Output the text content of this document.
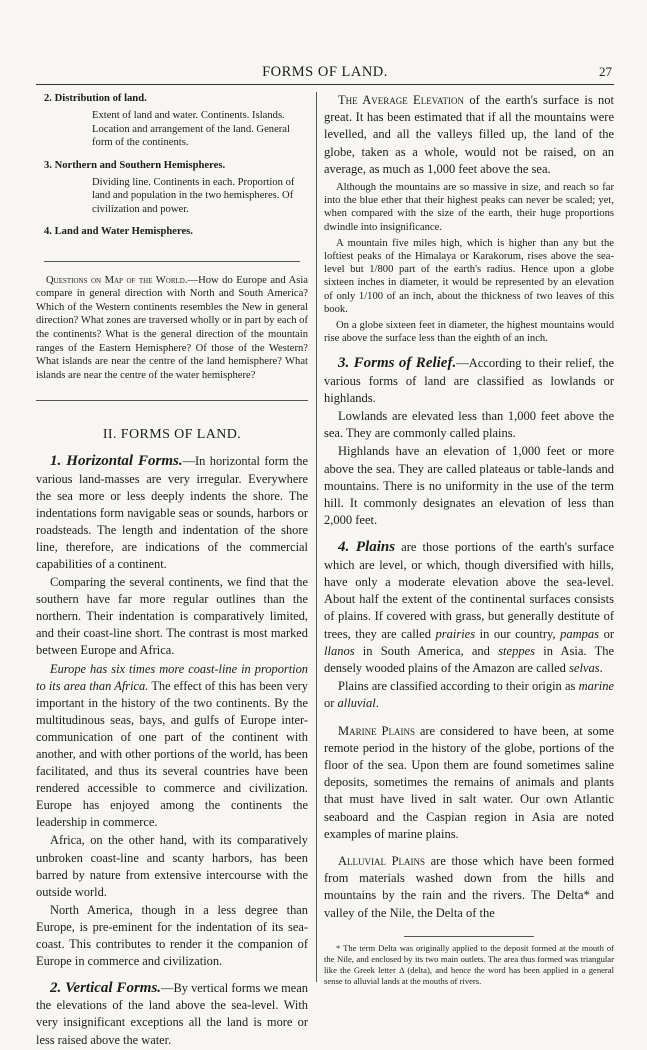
FORMS OF LAND.	27
2. Distribution of land.
Extent of land and water. Continents. Islands. Location and arrangement of the land. General form of the continents.
3. Northern and Southern Hemispheres.
Dividing line. Continents in each. Proportion of land and population in the two hemispheres. Of civilization and power.
4. Land and Water Hemispheres.

Questions on Map of the World.—How do Europe and Asia compare in general direction with North and South America? Which of the Western continents resembles the New in general direction? What zones are traversed wholly or in part by each of the continents? What is the general direction of the mountain ranges of the Eastern Hemisphere? Of those of the Western? What islands are near the centre of the land hemisphere? What islands are near the centre of the water hemisphere?

II. FORMS OF LAND.

1. Horizontal Forms.—In horizontal form the various land-masses are very irregular. Everywhere the sea more or less deeply indents the shore. The indentations form navigable seas or sounds, harbors or roadsteads. The length and indentation of the shore line, therefore, are indications of the commercial capabilities of a continent.

Comparing the several continents, we find that the southern have far more regular outlines than the northern. Their indentation is comparatively limited, and their coast-line short. The contrast is most marked between Europe and Africa.

Europe has six times more coast-line in proportion to its area than Africa. The effect of this has been very important in the history of the two continents. By the multitudinous seas, bays, and gulfs of Europe inter-communication of one part of the continent with another, and with other portions of the world, has been facilitated, and thus its several countries have been rendered accessible to commerce and civilization. Europe has enjoyed among the continents the leadership in commerce.

Africa, on the other hand, with its comparatively unbroken coast-line and scanty harbors, has been barred by nature from extensive intercourse with the outside world.

North America, though in a less degree than Europe, is pre-eminent for the indentation of its sea-coast. This contributes to render it the companion of Europe in commerce and civilization.

2. Vertical Forms.—By vertical forms we mean the elevations of the land above the sea-level. With very insignificant exceptions all the land is more or less raised above the water.

The Average Elevation of the earth's surface is not great. It has been estimated that if all the mountains were levelled, and all the valleys filled up, the land of the globe, taken as a whole, would not be raised, on an average, as much as 1,000 feet above the sea.

Although the mountains are so massive in size, and reach so far into the blue ether that their highest peaks can never be scaled; yet, when compared with the size of the earth, their huge proportions dwindle into insignificance.

A mountain five miles high, which is higher than any but the loftiest peaks of the Himalaya or Karakorum, rises above the sea-level but 1/800 part of the earth's radius. Hence upon a globe sixteen inches in diameter, it would be represented by an elevation of only 1/100 of an inch, about the thickness of two leaves of this book.

On a globe sixteen feet in diameter, the highest mountains would rise above the surface less than the eighth of an inch.

3. Forms of Relief.—According to their relief, the various forms of land are classified as lowlands or highlands.

Lowlands are elevated less than 1,000 feet above the sea. They are commonly called plains.

Highlands have an elevation of 1,000 feet or more above the sea. They are called plateaus or table-lands and mountains. There is no uniformity in the use of the term hill. It commonly designates an elevation of less than 2,000 feet.

4. Plains are those portions of the earth's surface which are level, or which, though diversified with hills, have only a moderate elevation above the sea-level. About half the extent of the continental surfaces consists of plains. If covered with grass, but generally destitute of trees, they are called prairies in our country, pampas or llanos in South America, and steppes in Asia. The densely wooded plains of the Amazon are called selvas.

Plains are classified according to their origin as marine or alluvial.

Marine Plains are considered to have been, at some remote period in the history of the globe, portions of the floor of the sea. Upon them are found sometimes saline deposits, sometimes the remains of animals and plants that must have lived in salt water. Our own Atlantic seaboard and the Caspian region in Asia are noted examples of marine plains.

Alluvial Plains are those which have been formed from materials washed down from the hills and mountains by the rain and the rivers. The Delta* and valley of the Nile, the Delta of the

* The term Delta was originally applied to the deposit formed at the mouth of the Nile, and enclosed by its two main outlets. The area thus formed was triangular like the Greek letter Δ (delta), and hence the word has been applied in a general sense to alluvial lands at the mouths of rivers.
